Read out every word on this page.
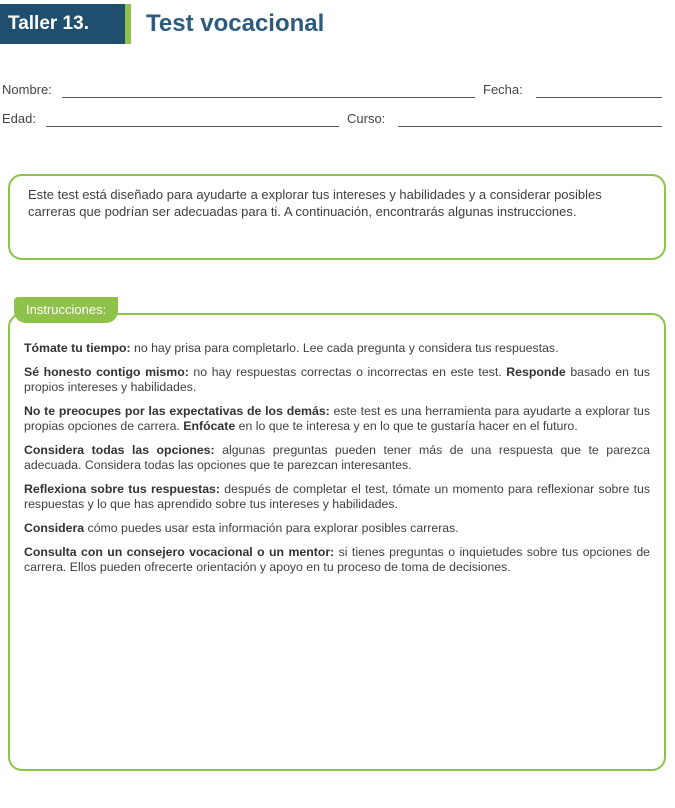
Taller 13.	Test vocacional
Nombre:	Fecha:
Edad:	Curso:
Este test está diseñado para ayudarte a explorar tus intereses y habilidades y a considerar posibles carreras que podrían ser adecuadas para ti. A continuación, encontrarás algunas instrucciones.

Tómate tu tiempo: no hay prisa para completarlo. Lee cada pregunta y considera tus respuestas.

Sé honesto contigo mismo: no hay respuestas correctas o incorrectas en este test. Responde basado en tus propios intereses y habilidades.

No te preocupes por las expectativas de los demás: este test es una herramienta para ayudarte a explorar tus propias opciones de carrera. Enfócate en lo que te interesa y en lo que te gustaría hacer en el futuro.

Considera todas las opciones: algunas preguntas pueden tener más de una respuesta que te parezca adecuada. Considera todas las opciones que te parezcan interesantes.

Reflexiona sobre tus respuestas: después de completar el test, tómate un momento para reflexionar sobre tus respuestas y lo que has aprendido sobre tus intereses y habilidades.

Considera cómo puedes usar esta información para explorar posibles carreras.

Consulta con un consejero vocacional o un mentor: si tienes preguntas o inquietudes sobre tus opciones de carrera. Ellos pueden ofrecerte orientación y apoyo en tu proceso de toma de decisiones.

Instrucciones:
